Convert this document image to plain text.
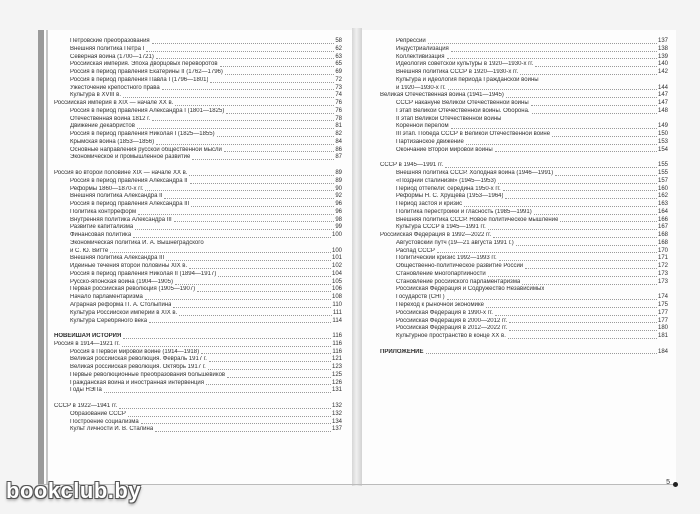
Петровские преобразования	58
Внешняя политика Петра I	62
Северная война (1700—1721)	63
Российская империя. Эпоха дворцовых переворотов	65
Россия в период правления Екатерины II (1762—1796)	69
Россия в период правления Павла I (1796—1801)	72
Ужесточение крепостного права	73
Культура в XVIII в.	74
Российская империя в XIX — начале XX в.	76
Россия в период правления Александра I (1801—1825)	76
Отечественная война 1812 г.	78
Движение декабристов	81
Россия в период правления Николая I (1825—1855)	82
Крымская война (1853—1856)	84
Основные направления русской общественной мысли	86
Экономическое и промышленное развитие	87
Россия во второй половине XIX — начале XX в.	89
Россия в период правления Александра II	89
Реформы 1860—1870-х гг.	90
Внешняя политика Александра II	92
Россия в период правления Александра III	96
Политика контрреформ	96
Внутренняя политика Александра III	98
Развитие капитализма	99
Финансовая политика	100
Экономическая политика И. А. Вышнеградского
и С. Ю. Витте	100
Внешняя политика Александра III	101
Идейные течения второй половины XIX в.	102
Россия в период правления Николая II (1894—1917)	104
Русско-японская война (1904—1905)	105
Первая российская революция (1905—1907)	106
Начало парламентаризма	108
Аграрная реформа П. А. Столыпина	110
Культура Российской империи в XIX в.	111
Культура Серебряного века	114
НОВЕЙШАЯ ИСТОРИЯ	116
Россия в 1914—1921 гг.	116
Россия в Первой мировой войне (1914—1918)	116
Великая российская революция. Февраль 1917 г.	121
Великая российская революция. Октябрь 1917 г.	123
Первые революционные преобразования большевиков	125
Гражданская война и иностранная интервенция	126
Годы НЭПа	131
СССР в 1922—1941 гг.	132
Образование СССР	132
Построение социализма	134
Культ личности И. В. Сталина	137
Репрессии	137
Индустриализация	138
Коллективизация	139
Идеология советской культуры в 1920—1930-х гг.	140
Внешняя политика СССР в 1920—1930-х гг.	142
Культура и идеология периода Гражданской войны
и 1920—1930-х гг.	144
Великая Отечественная война (1941—1945)	147
СССР накануне Великой Отечественной войны	147
I этап Великой Отечественной войны. Оборона.	148
II этап Великой Отечественной войны
Коренной перелом	149
III этап. Победа СССР в Великой Отечественной войне	150
Партизанское движение	153
Окончание Второй мировой войны	154
СССР в 1945—1991 гг.	155
Внешняя политика СССР. Холодная война (1946—1991)	155
«Поздний сталинизм» (1945—1953)	157
Период оттепели: середина 1950-х гг.	160
Реформы Н. С. Хрущёва (1953—1964)	162
Период застоя и кризис	163
Политика перестройки и гласность (1985—1991)	164
Внешняя политика СССР. Новое политическое мышление	166
Культура СССР в 1945—1991 гг.	167
Российская Федерация в 1992—2022 гг.	168
Августовский путч (19—21 августа 1991 г.)	168
Распад СССР	170
Политический кризис 1992—1993 гг.	171
Общественно-политическое развитие России	172
Становление многопартийности	173
Становление российского парламентаризма	173
Российская Федерация и Содружество Независимых
Государств (СНГ)	174
Переход к рыночной экономике	175
Российская Федерация в 1990-х гг.	177
Российская Федерация в 2000—2012 гг.	177
Российская Федерация в 2012—2022 гг.	180
Культурное пространство в конце XX в.	181
ПРИЛОЖЕНИЕ	184
5
bookclub.by
